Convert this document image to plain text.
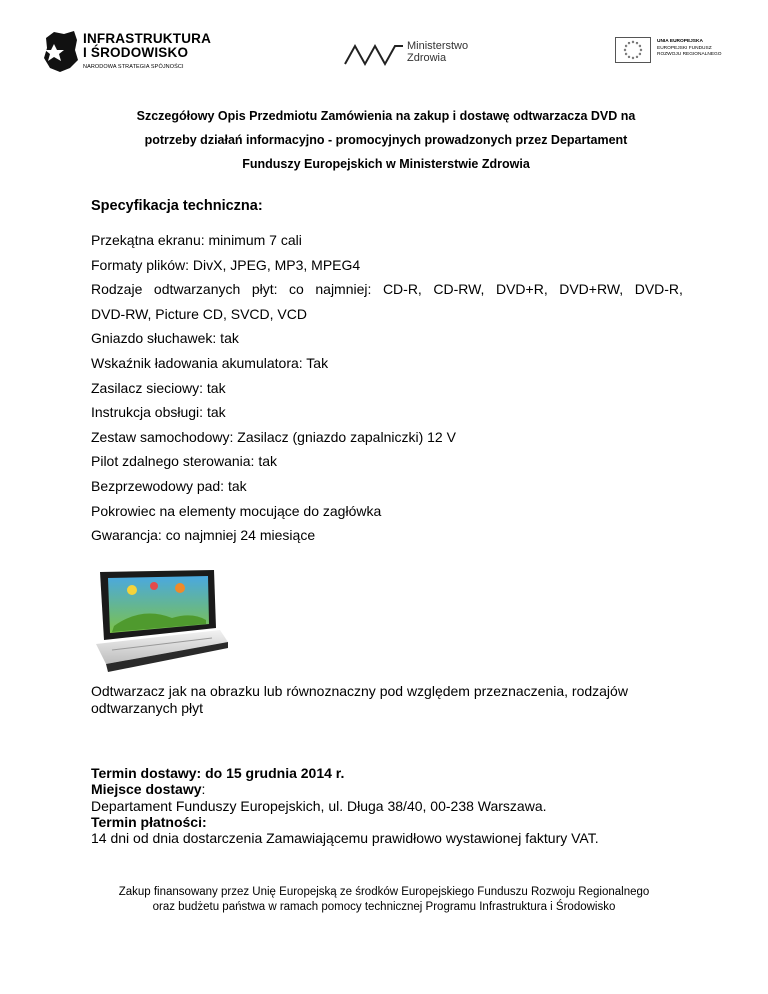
INFRASTRUKTURA
I ŚRODOWISKO
NARODOWA STRATEGIA SPÓJNOŚCI
Ministerstwo
Zdrowia
UNIA EUROPEJSKA
EUROPEJSKI FUNDUSZ
ROZWOJU REGIONALNEGO
Szczegółowy Opis Przedmiotu Zamówienia na zakup i dostawę odtwarzacza DVD na
potrzeby działań informacyjno - promocyjnych prowadzonych przez Departament
Funduszy Europejskich w Ministerstwie Zdrowia
Specyfikacja techniczna:
Przekątna ekranu: minimum 7 cali
Formaty plików: DivX, JPEG, MP3, MPEG4
Rodzaje odtwarzanych płyt: co najmniej: CD-R, CD-RW, DVD+R, DVD+RW, DVD-R,
DVD-RW, Picture CD, SVCD, VCD
Gniazdo słuchawek: tak
Wskaźnik ładowania akumulatora: Tak
Zasilacz sieciowy: tak
Instrukcja obsługi: tak
Zestaw samochodowy: Zasilacz (gniazdo zapalniczki) 12 V
Pilot zdalnego sterowania: tak
Bezprzewodowy pad: tak
Pokrowiec na elementy mocujące do zagłówka
Gwarancja: co najmniej 24 miesiące
Odtwarzacz jak na obrazku lub równoznaczny pod względem przeznaczenia, rodzajów
odtwarzanych płyt
Termin dostawy: do 15 grudnia 2014 r.
Miejsce dostawy:
Departament Funduszy Europejskich, ul. Długa 38/40, 00-238 Warszawa.
Termin płatności:
14 dni od dnia dostarczenia Zamawiającemu prawidłowo wystawionej faktury VAT.
Zakup finansowany przez Unię Europejską ze środków Europejskiego Funduszu Rozwoju Regionalnego
oraz budżetu państwa w ramach pomocy technicznej Programu Infrastruktura i Środowisko
